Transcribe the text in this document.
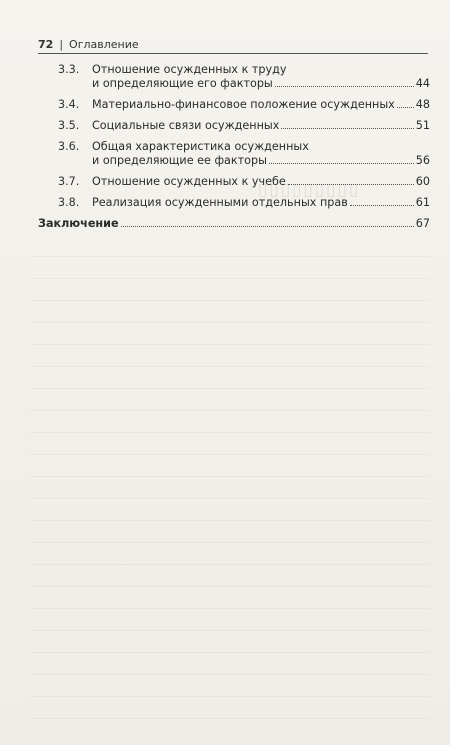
▯▯▯▯▯▯▯▯▯
72 | Оглавление
3.3.	Отношение осужденных к труду
и определяющие его факторы	44
3.4.	Материально-финансовое положение осужденных 48
3.5.	Социальные связи осужденных	51
3.6.	Общая характеристика осужденных
и определяющие ее факторы	56
3.7.	Отношение осужденных к учебе	60
3.8.	Реализация осужденными отдельных прав	61
Заключение	67
